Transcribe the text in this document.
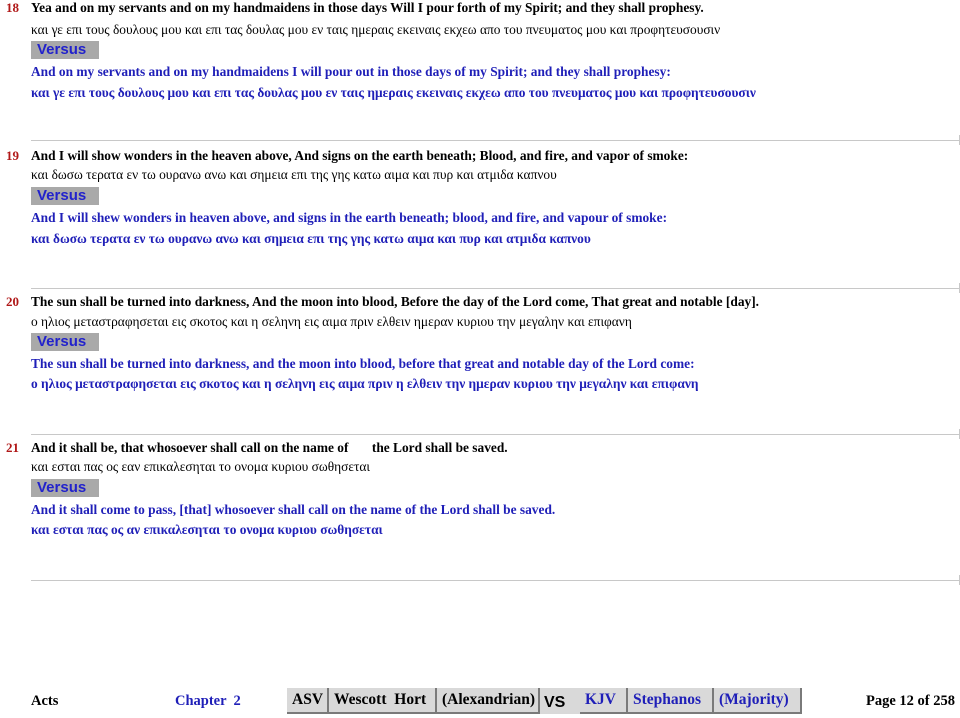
18 Yea and on my servants and on my handmaidens in those days Will I pour forth of my Spirit; and they shall prophesy.
και γε επι τους δουλους μου και επι τας δουλας μου εν ταις ημεραις εκειναις εκχεω απο του πνευματος μου και προφητευσουσιν
Versus
And on my servants and on my handmaidens I will pour out in those days of my Spirit; and they shall prophesy:
και γε επι τους δουλους μου και επι τας δουλας μου εν ταις ημεραις εκειναις εκχεω απο του πνευματος μου και προφητευσουσιν
19 And I will show wonders in the heaven above, And signs on the earth beneath; Blood, and fire, and vapor of smoke:
και δωσω τερατα εν τω ουρανω ανω και σημεια επι της γης κατω αιμα και πυρ και ατμιδα καπνου
Versus
And I will shew wonders in heaven above, and signs in the earth beneath; blood, and fire, and vapour of smoke:
και δωσω τερατα εν τω ουρανω ανω και σημεια επι της γης κατω αιμα και πυρ και ατμιδα καπνου
20 The sun shall be turned into darkness, And the moon into blood, Before the day of the Lord come, That great and notable [day].
ο ηλιος μεταστραφησεται εις σκοτος και η σεληνη εις αιμα πριν ελθειν ημεραν κυριου την μεγαλην και επιφανη
Versus
The sun shall be turned into darkness, and the moon into blood, before that great and notable day of the Lord come:
ο ηλιος μεταστραφησεται εις σκοτος και η σεληνη εις αιμα πριν η ελθειν την ημεραν κυριου την μεγαλην και επιφανη
21 And it shall be, that whosoever shall call on the name of       the Lord shall be saved.
και εσται πας ος εαν επικαλεσηται το ονομα κυριου σωθησεται
Versus
And it shall come to pass, [that] whosoever shall call on the name of the Lord shall be saved.
και εσται πας ος αν επικαλεσηται το ονομα κυριου σωθησεται
Acts	Chapter  2	ASV Wescott  Hort	(Alexandrian) VS	KJV	Stephanos	(Majority)	Page 12 of 258
